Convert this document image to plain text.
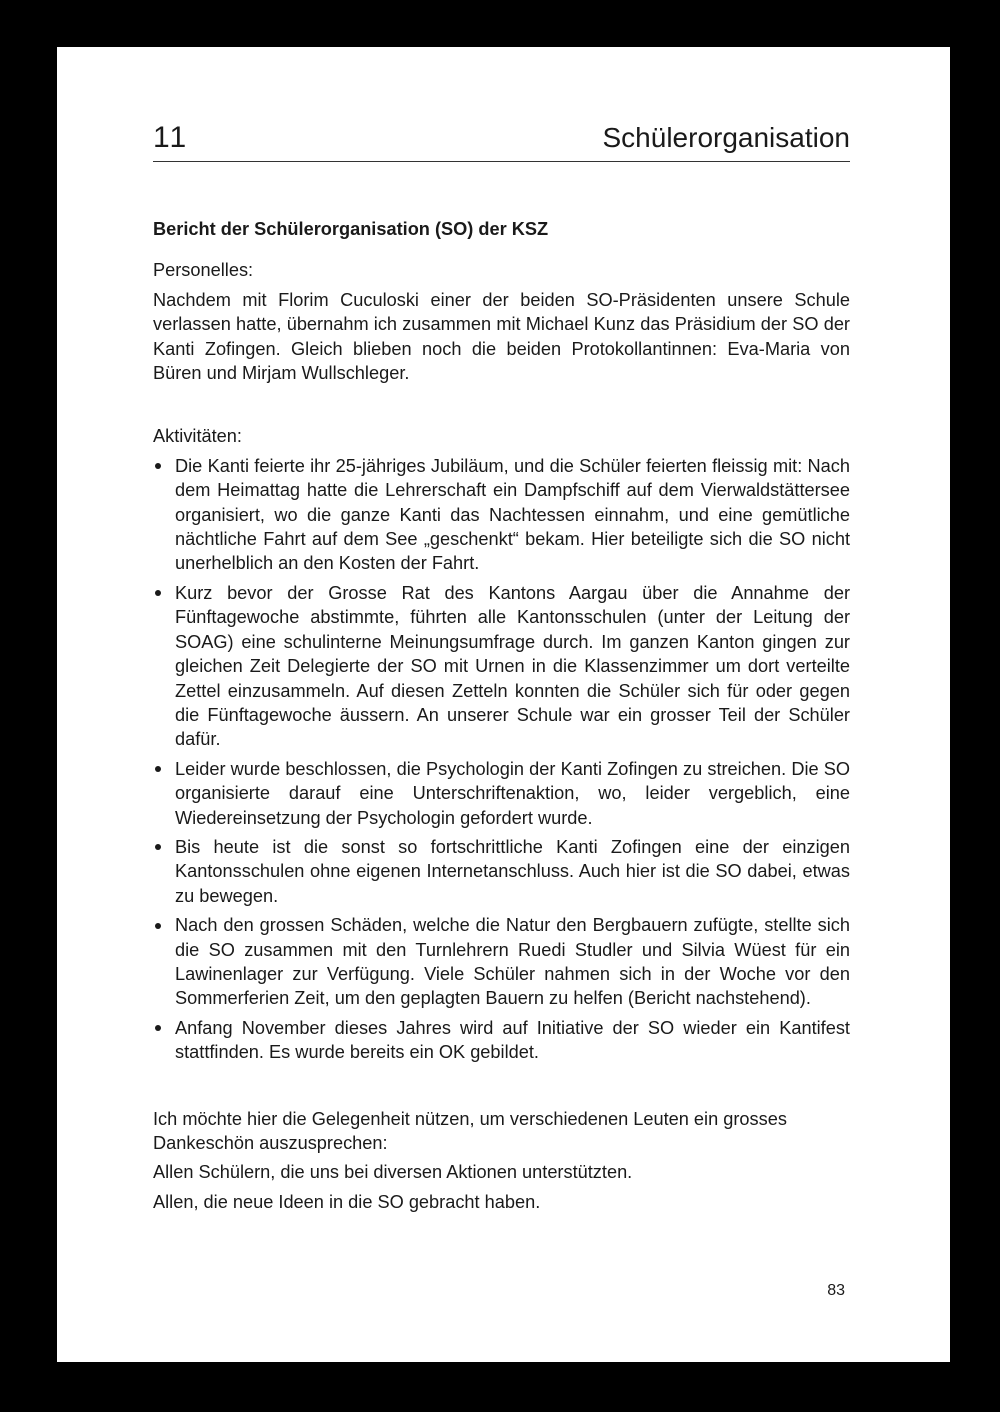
11	Schülerorganisation
Bericht der Schülerorganisation (SO) der KSZ
Personelles:

Nachdem mit Florim Cuculoski einer der beiden SO-Präsidenten unsere Schule verlassen hatte, übernahm ich zusammen mit Michael Kunz das Präsidium der SO der Kanti Zofingen. Gleich blieben noch die beiden Protokollantinnen: Eva-Maria von Büren und Mirjam Wullschleger.

Aktivitäten:
Die Kanti feierte ihr 25-jähriges Jubiläum, und die Schüler feierten fleissig mit: Nach dem Heimattag hatte die Lehrerschaft ein Dampfschiff auf dem Vierwaldstättersee organisiert, wo die ganze Kanti das Nachtessen einnahm, und eine gemütliche nächtliche Fahrt auf dem See „geschenkt“ bekam. Hier beteiligte sich die SO nicht unerhelblich an den Kosten der Fahrt.
Kurz bevor der Grosse Rat des Kantons Aargau über die Annahme der Fünftagewoche abstimmte, führten alle Kantonsschulen (unter der Leitung der SOAG) eine schulinterne Meinungsumfrage durch. Im ganzen Kanton gingen zur gleichen Zeit Delegierte der SO mit Urnen in die Klassenzimmer um dort verteilte Zettel einzusammeln. Auf diesen Zetteln konnten die Schüler sich für oder gegen die Fünftagewoche äussern. An unserer Schule war ein grosser Teil der Schüler dafür.
Leider wurde beschlossen, die Psychologin der Kanti Zofingen zu streichen. Die SO organisierte darauf eine Unterschriftenaktion, wo, leider vergeblich, eine Wiedereinsetzung der Psychologin gefordert wurde.
Bis heute ist die sonst so fortschrittliche Kanti Zofingen eine der einzigen Kantonsschulen ohne eigenen Internetanschluss. Auch hier ist die SO dabei, etwas zu bewegen.
Nach den grossen Schäden, welche die Natur den Bergbauern zufügte, stellte sich die SO zusammen mit den Turnlehrern Ruedi Studler und Silvia Wüest für ein Lawinenlager zur Verfügung. Viele Schüler nahmen sich in der Woche vor den Sommerferien Zeit, um den geplagten Bauern zu helfen (Bericht nachstehend).
Anfang November dieses Jahres wird auf Initiative der SO wieder ein Kantifest stattfinden. Es wurde bereits ein OK gebildet.

Ich möchte hier die Gelegenheit nützen, um verschiedenen Leuten ein grosses Dankeschön auszusprechen:

Allen Schülern, die uns bei diversen Aktionen unterstützten.

Allen, die neue Ideen in die SO gebracht haben.

83
